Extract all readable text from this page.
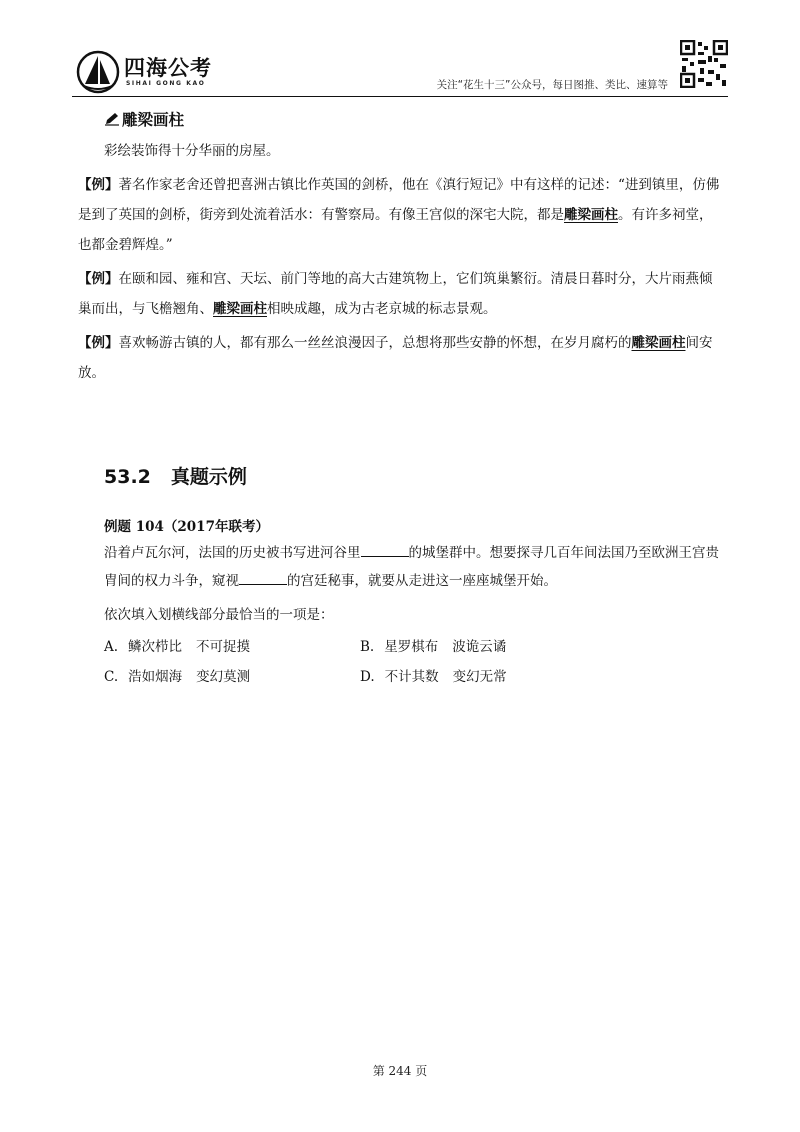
四海公考
SIHAI GONG KAO	关注“花生十三”公众号，每日图推、类比、速算等
雕梁画柱

彩绘装饰得十分华丽的房屋。

【例】著名作家老舍还曾把喜洲古镇比作英国的剑桥，他在《滇行短记》中有这样的记述：“进到镇里，仿佛是到了英国的剑桥，街旁到处流着活水：有警察局。有像王宫似的深宅大院，都是雕梁画柱。有许多祠堂，也都金碧辉煌。”

【例】在颐和园、雍和宫、天坛、前门等地的高大古建筑物上，它们筑巢繁衍。清晨日暮时分，大片雨燕倾巢而出，与飞檐翘角、雕梁画柱相映成趣，成为古老京城的标志景观。

【例】喜欢畅游古镇的人，都有那么一丝丝浪漫因子，总想将那些安静的怀想，在岁月腐朽的雕梁画柱间安放。

53.2 真题示例

例题 104（2017年联考）

沿着卢瓦尔河，法国的历史被书写进河谷里	的城堡群中。想要探寻几百年间法国乃至欧洲王宫贵胄间的权力斗争，窥视	的宫廷秘事，就要从走进这一座座城堡开始。

依次填入划横线部分最恰当的一项是：

A. 鳞次栉比 不可捉摸	B. 星罗棋布 波诡云谲
C. 浩如烟海 变幻莫测	D. 不计其数 变幻无常
第 244 页
